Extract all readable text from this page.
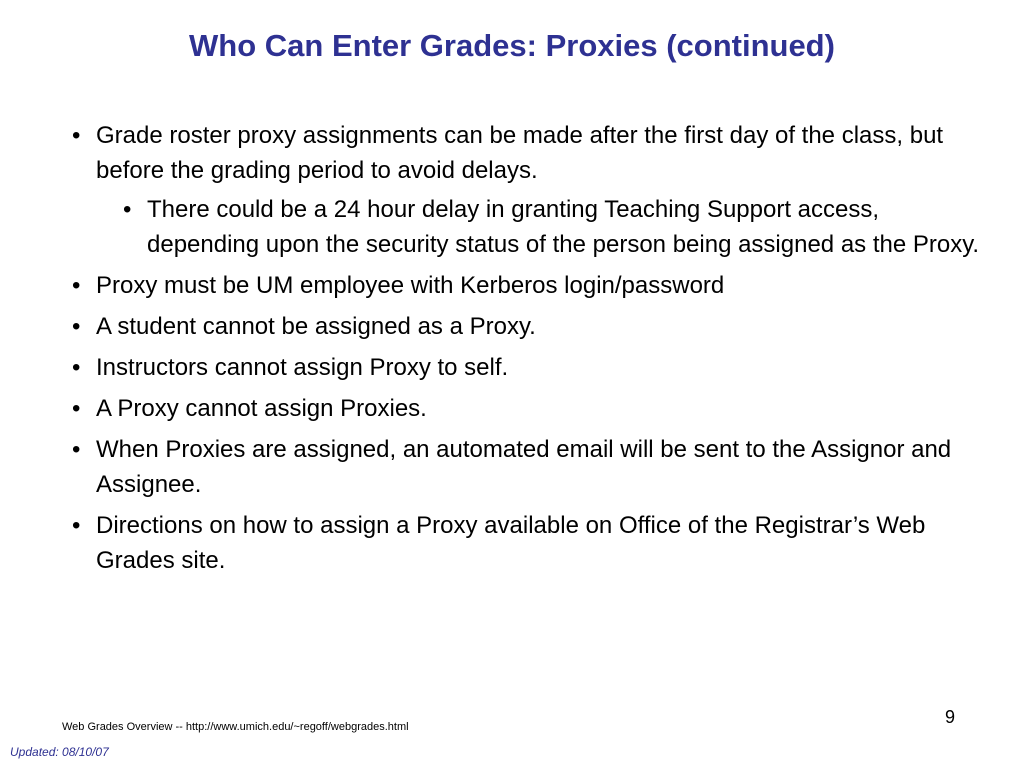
Who Can Enter Grades: Proxies (continued)
• Grade roster proxy assignments can be made after the first day of the class, but before the grading period to avoid delays.
• There could be a 24 hour delay in granting Teaching Support access, depending upon the security status of the person being assigned as the Proxy.
• Proxy must be UM employee with Kerberos login/password
• A student cannot be assigned as a Proxy.
• Instructors cannot assign Proxy to self.
• A Proxy cannot assign Proxies.
• When Proxies are assigned, an automated email will be sent to the Assignor and Assignee.
• Directions on how to assign a Proxy available on Office of the Registrar’s Web Grades site.
Web Grades Overview -- http://www.umich.edu/~regoff/webgrades.html	9
Updated: 08/10/07
